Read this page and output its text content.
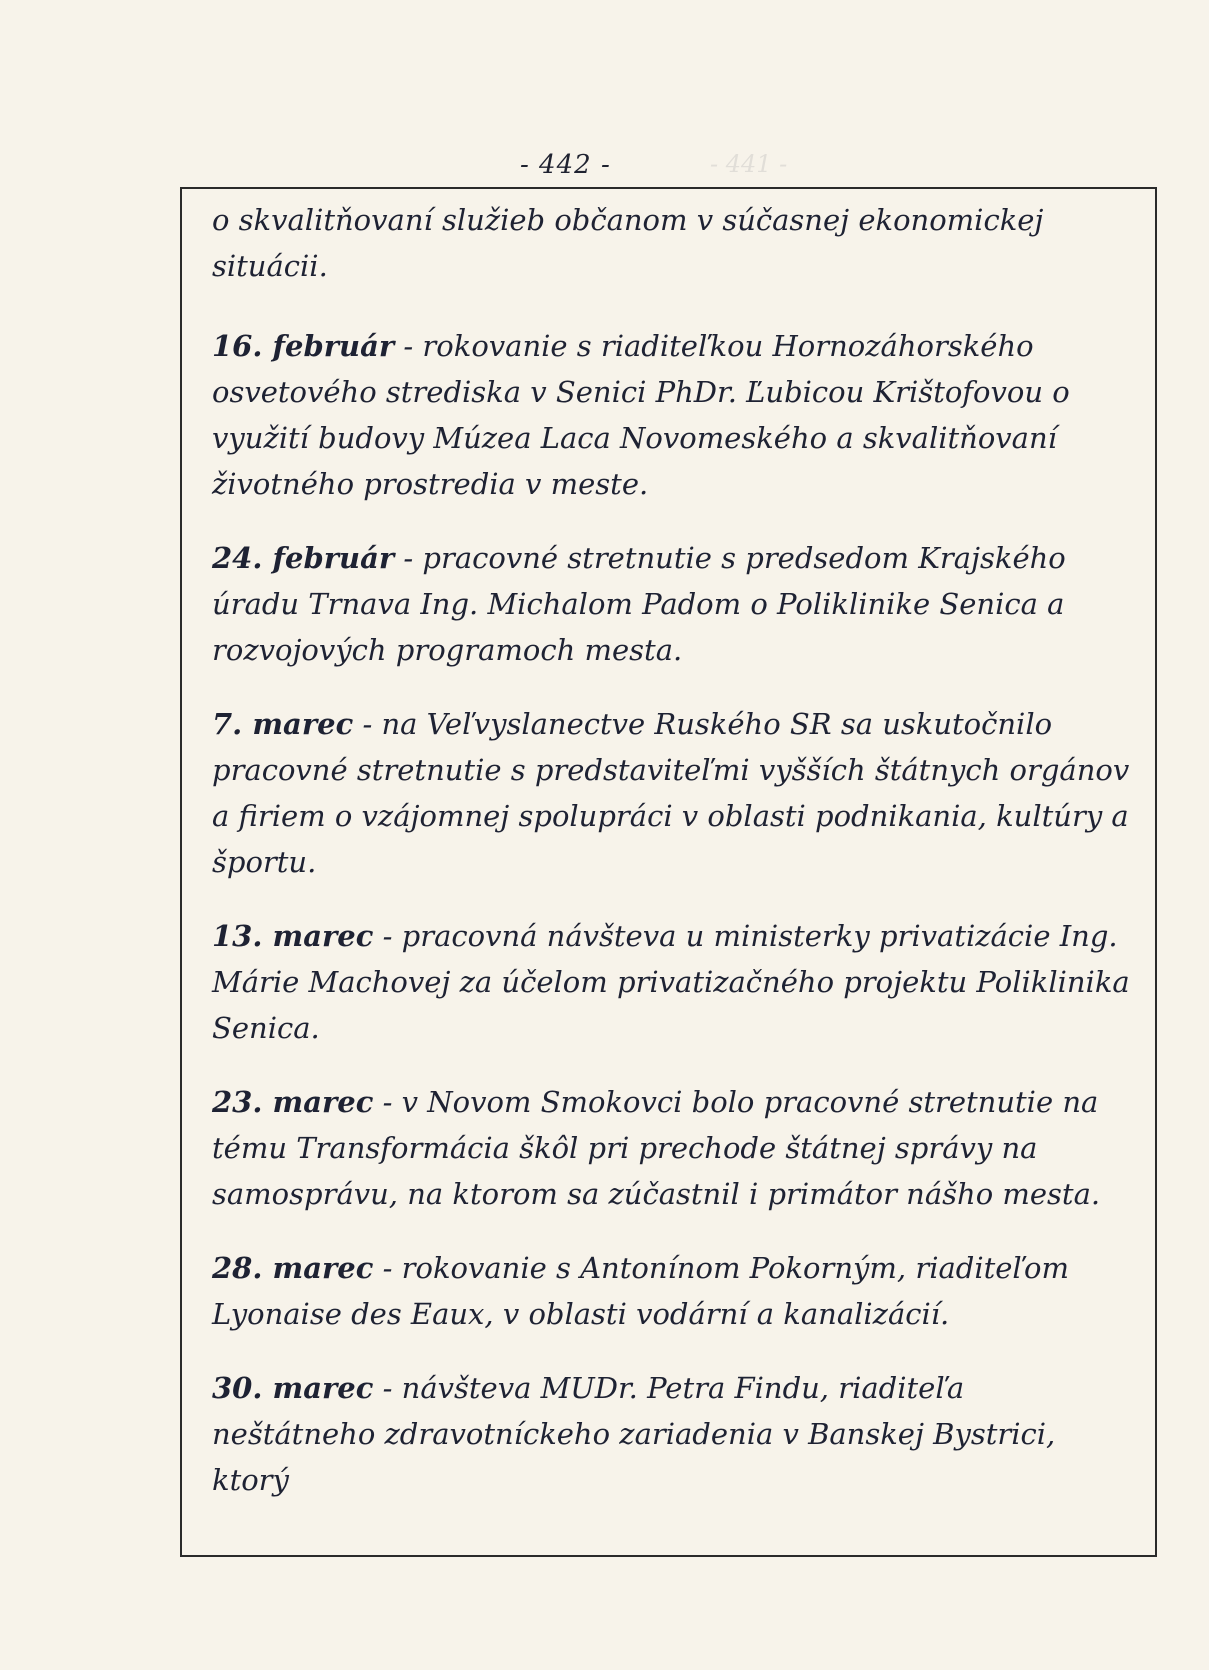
- 442 -	- 441 -

o skvalitňovaní služieb občanom v súčasnej ekonomickej situácii.

16. február - rokovanie s riaditeľkou Hornozáhorského osvetového strediska v Senici PhDr. Ľubicou Krištofovou o využití budovy Múzea Laca Novomeského a skvalitňovaní životného prostredia v meste.

24. február - pracovné stretnutie s predsedom Krajského úradu Trnava Ing. Michalom Padom o Poliklinike Senica a rozvojových programoch mesta.

7. marec - na Veľvyslanectve Ruského SR sa uskutočnilo pracovné stretnutie s predstaviteľmi vyšších štátnych orgánov a firiem o vzájomnej spolupráci v oblasti podnikania, kultúry a športu.

13. marec - pracovná návšteva u ministerky privatizácie Ing. Márie Machovej za účelom privatizačného projektu Poliklinika Senica.

23. marec - v Novom Smokovci bolo pracovné stretnutie na tému Transformácia škôl pri prechode štátnej správy na samosprávu, na ktorom sa zúčastnil i primátor nášho mesta.

28. marec - rokovanie s Antonínom Pokorným, riaditeľom Lyonaise des Eaux, v oblasti vodární a kanalizácií.

30. marec - návšteva MUDr. Petra Findu, riaditeľa neštátneho zdravotníckeho zariadenia v Banskej Bystrici, ktorý
